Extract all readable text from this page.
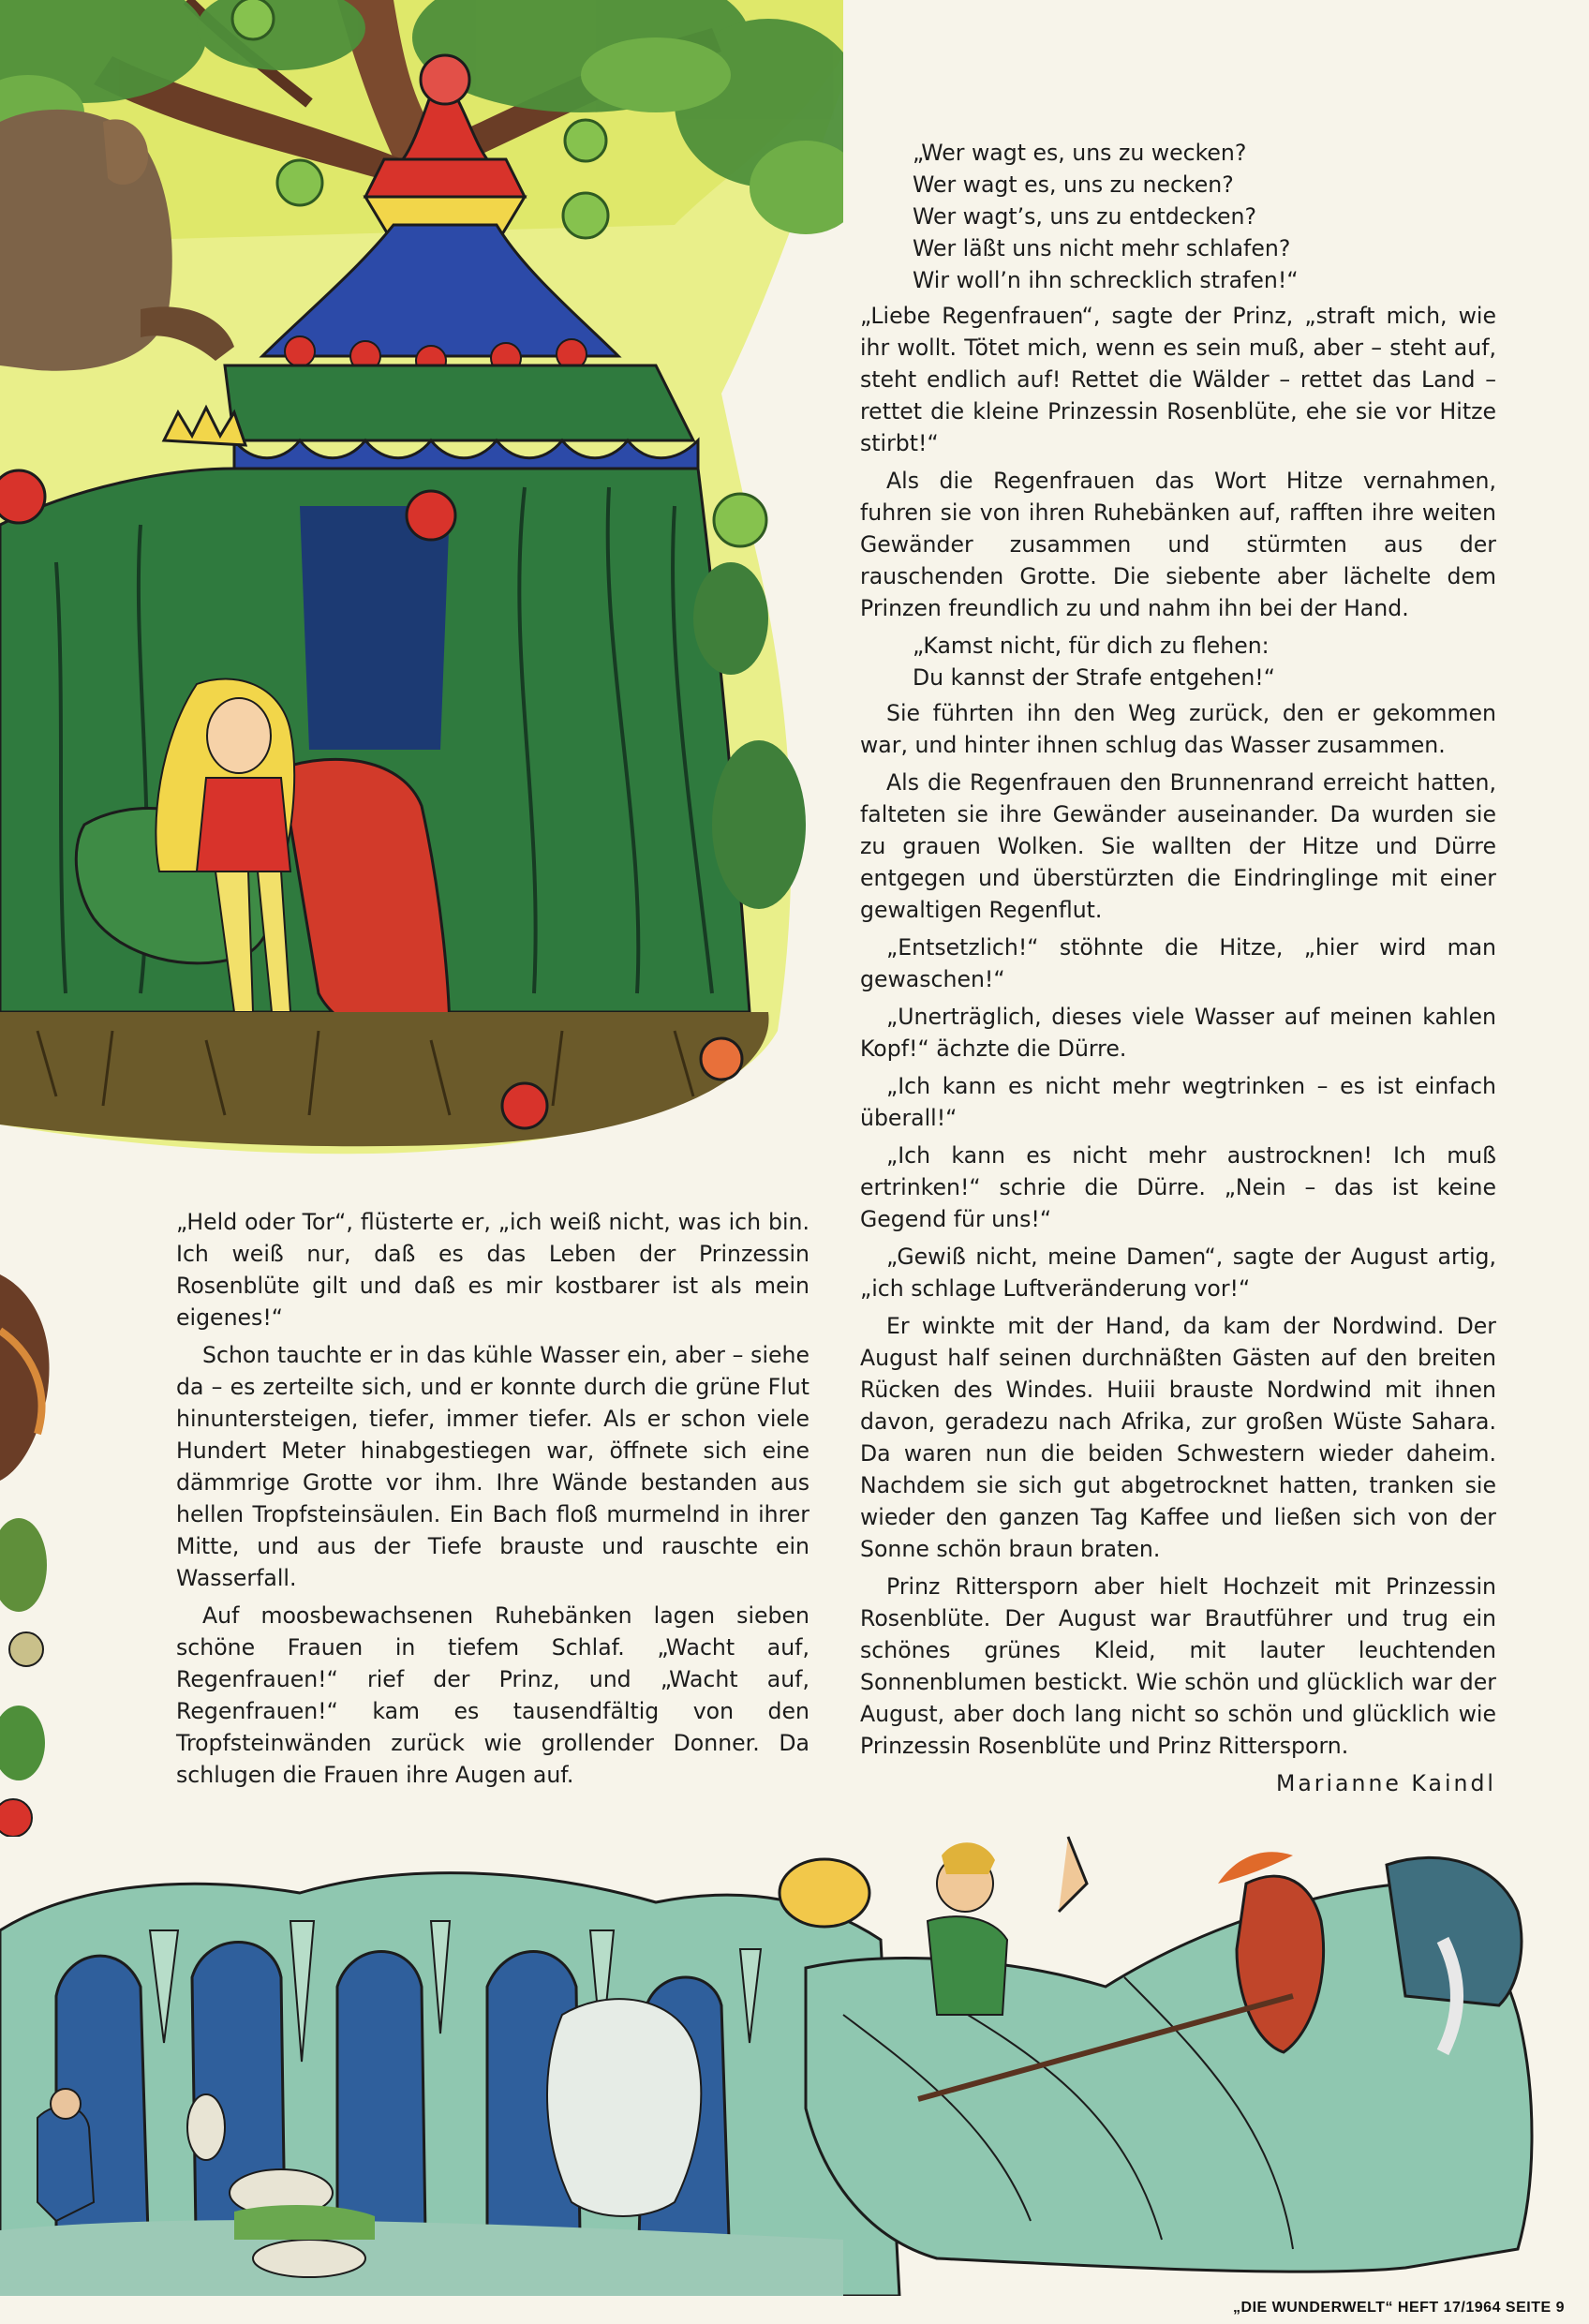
„Held oder Tor“, flüsterte er, „ich weiß nicht, was ich bin. Ich weiß nur, daß es das Leben der Prinzessin Rosenblüte gilt und daß es mir kostbarer ist als mein eigenes!“

Schon tauchte er in das kühle Wasser ein, aber – siehe da – es zerteilte sich, und er konnte durch die grüne Flut hinuntersteigen, tiefer, immer tiefer. Als er schon viele Hundert Meter hinabgestiegen war, öffnete sich eine dämmrige Grotte vor ihm. Ihre Wände bestanden aus hellen Tropfsteinsäulen. Ein Bach floß murmelnd in ihrer Mitte, und aus der Tiefe brauste und rauschte ein Wasserfall.

Auf moosbewachsenen Ruhebänken lagen sieben schöne Frauen in tiefem Schlaf. „Wacht auf, Regenfrauen!“ rief der Prinz, und „Wacht auf, Regenfrauen!“ kam es tausendfältig von den Tropfsteinwänden zurück wie grollender Donner. Da schlugen die Frauen ihre Augen auf.

„Wer wagt es, uns zu wecken?
Wer wagt es, uns zu necken?
Wer wagt’s, uns zu entdecken?
Wer läßt uns nicht mehr schlafen?
Wir woll’n ihn schrecklich strafen!“

„Liebe Regenfrauen“, sagte der Prinz, „straft mich, wie ihr wollt. Tötet mich, wenn es sein muß, aber – steht auf, steht endlich auf! Rettet die Wälder – rettet das Land – rettet die kleine Prinzessin Rosenblüte, ehe sie vor Hitze stirbt!“

Als die Regenfrauen das Wort Hitze vernahmen, fuhren sie von ihren Ruhebänken auf, rafften ihre weiten Gewänder zusammen und stürmten aus der rauschenden Grotte. Die siebente aber lächelte dem Prinzen freundlich zu und nahm ihn bei der Hand.

„Kamst nicht, für dich zu flehen:
Du kannst der Strafe entgehen!“

Sie führten ihn den Weg zurück, den er gekommen war, und hinter ihnen schlug das Wasser zusammen.

Als die Regenfrauen den Brunnenrand erreicht hatten, falteten sie ihre Gewänder auseinander. Da wurden sie zu grauen Wolken. Sie wallten der Hitze und Dürre entgegen und überstürzten die Eindringlinge mit einer gewaltigen Regenflut.

„Entsetzlich!“ stöhnte die Hitze, „hier wird man gewaschen!“

„Unerträglich, dieses viele Wasser auf meinen kahlen Kopf!“ ächzte die Dürre.

„Ich kann es nicht mehr wegtrinken – es ist einfach überall!“

„Ich kann es nicht mehr austrocknen! Ich muß ertrinken!“ schrie die Dürre. „Nein – das ist keine Gegend für uns!“

„Gewiß nicht, meine Damen“, sagte der August artig, „ich schlage Luftveränderung vor!“

Er winkte mit der Hand, da kam der Nordwind. Der August half seinen durchnäßten Gästen auf den breiten Rücken des Windes. Huiii brauste Nordwind mit ihnen davon, geradezu nach Afrika, zur großen Wüste Sahara. Da waren nun die beiden Schwestern wieder daheim. Nachdem sie sich gut abgetrocknet hatten, tranken sie wieder den ganzen Tag Kaffee und ließen sich von der Sonne schön braun braten.

Prinz Rittersporn aber hielt Hochzeit mit Prinzessin Rosenblüte. Der August war Brautführer und trug ein schönes grünes Kleid, mit lauter leuchtenden Sonnenblumen bestickt. Wie schön und glücklich war der August, aber doch lang nicht so schön und glücklich wie Prinzessin Rosenblüte und Prinz Rittersporn.

Marianne Kaindl
„DIE WUNDERWELT“ HEFT 17/1964 SEITE 9
